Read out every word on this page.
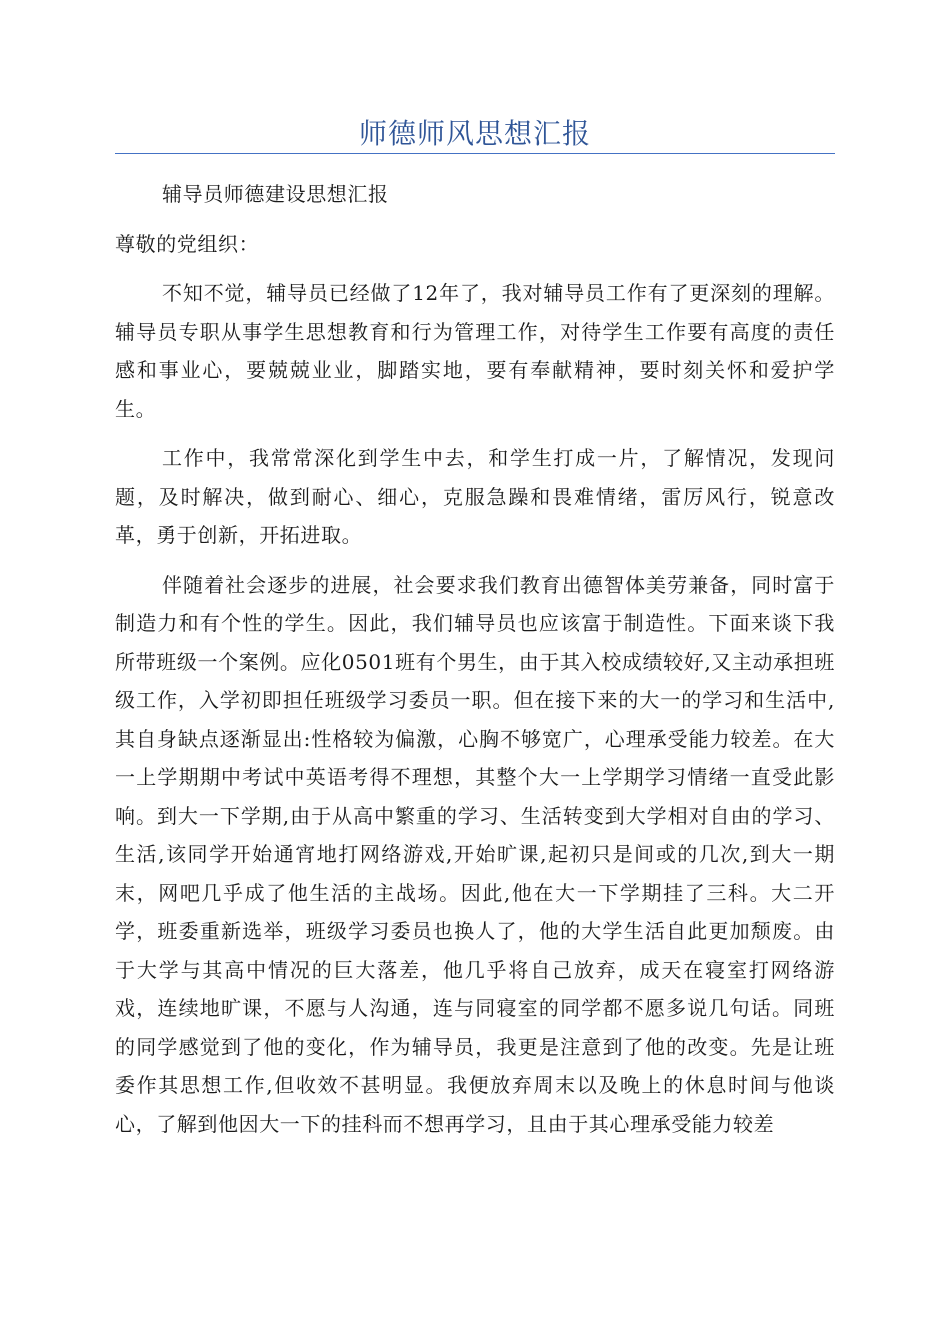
师德师风思想汇报

辅导员师德建设思想汇报

尊敬的党组织：

不知不觉，辅导员已经做了12年了，我对辅导员工作有了更深刻的理解。辅导员专职从事学生思想教育和行为管理工作，对待学生工作要有高度的责任感和事业心，要兢兢业业，脚踏实地，要有奉献精神，要时刻关怀和爱护学生。

工作中，我常常深化到学生中去，和学生打成一片，了解情况，发现问题，及时解决，做到耐心、细心，克服急躁和畏难情绪，雷厉风行，锐意改革，勇于创新，开拓进取。

伴随着社会逐步的进展，社会要求我们教育出德智体美劳兼备，同时富于制造力和有个性的学生。因此，我们辅导员也应该富于制造性。下面来谈下我所带班级一个案例。应化0501班有个男生，由于其入校成绩较好,又主动承担班级工作，入学初即担任班级学习委员一职。但在接下来的大一的学习和生活中,其自身缺点逐渐显出:性格较为偏激，心胸不够宽广，心理承受能力较差。在大一上学期期中考试中英语考得不理想，其整个大一上学期学习情绪一直受此影响。到大一下学期,由于从高中繁重的学习、生活转变到大学相对自由的学习、生活,该同学开始通宵地打网络游戏,开始旷课,起初只是间或的几次,到大一期末，网吧几乎成了他生活的主战场。因此,他在大一下学期挂了三科。大二开学，班委重新选举，班级学习委员也换人了，他的大学生活自此更加颓废。由于大学与其高中情况的巨大落差，他几乎将自己放弃，成天在寝室打网络游戏，连续地旷课，不愿与人沟通，连与同寝室的同学都不愿多说几句话。同班的同学感觉到了他的变化，作为辅导员，我更是注意到了他的改变。先是让班委作其思想工作,但收效不甚明显。我便放弃周末以及晚上的休息时间与他谈心，了解到他因大一下的挂科而不想再学习，且由于其心理承受能力较差
